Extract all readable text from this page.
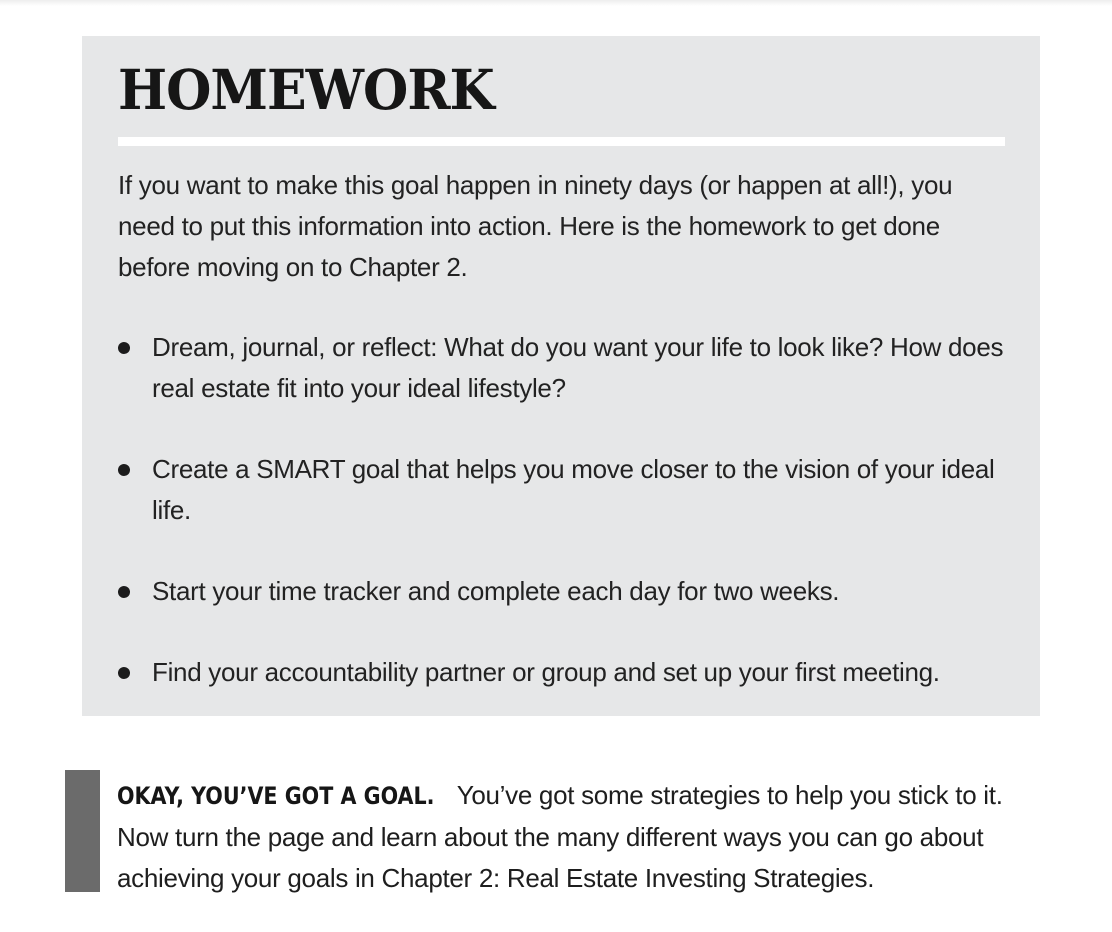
HOMEWORK

If you want to make this goal happen in ninety days (or happen at all!), you need to put this information into action. Here is the homework to get done before moving on to Chapter 2.

Dream, journal, or reflect: What do you want your life to look like? How does real estate fit into your ideal lifestyle?
Create a SMART goal that helps you move closer to the vision of your ideal life.
Start your time tracker and complete each day for two weeks.
Find your accountability partner or group and set up your first meeting.

OKAY, YOU’VE GOT A GOAL. You’ve got some strategies to help you stick to it. Now turn the page and learn about the many different ways you can go about achieving your goals in Chapter 2: Real Estate Investing Strategies.
